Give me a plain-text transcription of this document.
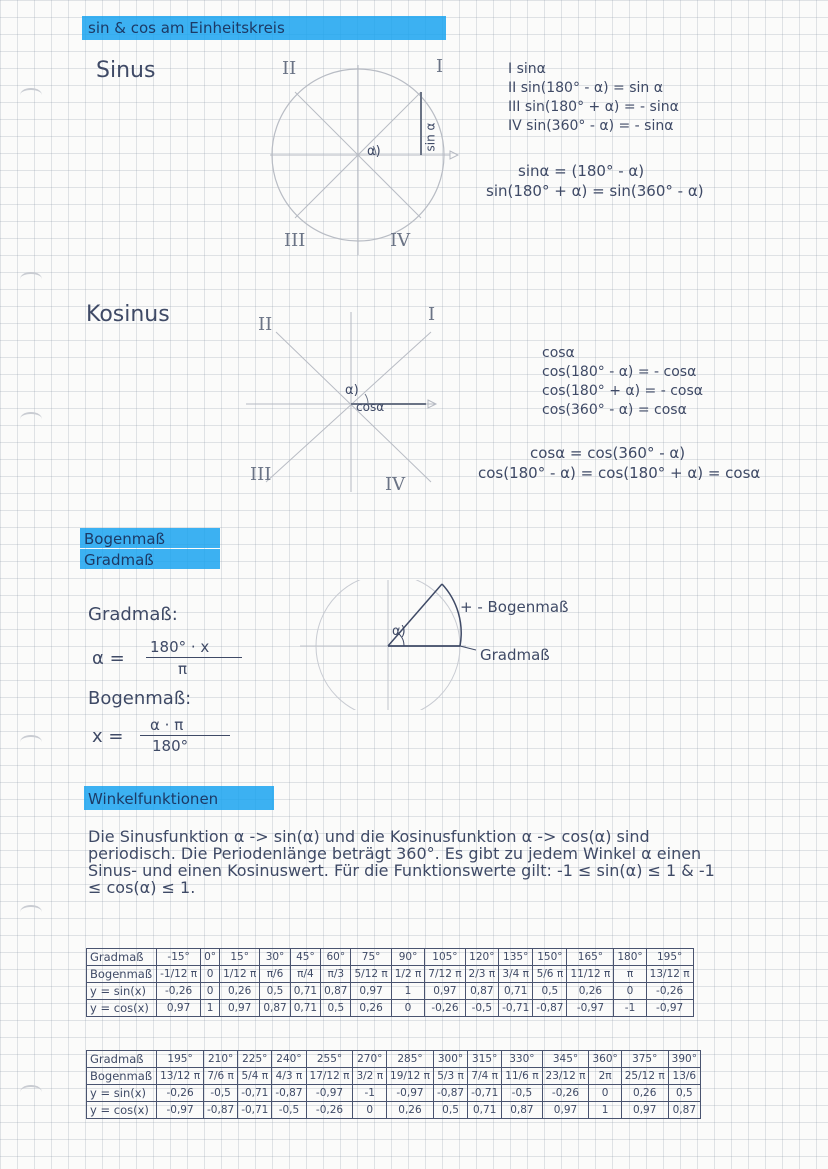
sin & cos am Einheitskreis
Sinus	I
II
III	IV
α)
sin α
I sinα
II sin(180° - α) = sin α
III sin(180° + α) = - sinα
IV sin(360° - α) = - sinα
sinα = (180° - α)
sin(180° + α) = sin(360° - α)
Kosinus	I
II
III	IV
α)
cosα
cosα
cos(180° - α) = - cosα
cos(180° + α) = - cosα
cos(360° - α) = cosα
cosα = cos(360° - α)
cos(180° - α) = cos(180° + α) = cosα
Bogenmaß
Gradmaß
Gradmaß:
α =
180° · x
π
Bogenmaß:
x =
α · π
180°
α)
+ - Bogenmaß
Gradmaß
Winkelfunktionen
Die Sinusfunktion α -> sin(α) und die Kosinusfunktion α -> cos(α) sind periodisch. Die Periodenlänge beträgt 360°. Es gibt zu jedem Winkel α einen Sinus- und einen Kosinuswert. Für die Funktionswerte gilt: -1 ≤ sin(α) ≤ 1 & -1 ≤ cos(α) ≤ 1.
Gradmaß	-15°	0°	15°	30°	45°	60°	75°	90°	105°	120°	135°	150°	165°	180°	195°
Bogenmaß	-1/12 π	0	1/12 π	π/6	π/4	π/3	5/12 π	1/2 π	7/12 π	2/3 π	3/4 π	5/6 π	11/12 π	π	13/12 π
y = sin(x)	-0,26	0	0,26	0,5	0,71	0,87	0,97	1	0,97	0,87	0,71	0,5	0,26	0	-0,26
y = cos(x)	0,97	1	0,97	0,87	0,71	0,5	0,26	0	-0,26	-0,5	-0,71	-0,87	-0,97	-1	-0,97
Gradmaß	195°	210°	225°	240°	255°	270°	285°	300°	315°	330°	345°	360°	375°	390°
Bogenmaß	13/12 π	7/6 π	5/4 π	4/3 π	17/12 π	3/2 π	19/12 π	5/3 π	7/4 π	11/6 π	23/12 π	2π	25/12 π	13/6
y = sin(x)	-0,26	-0,5	-0,71	-0,87	-0,97	-1	-0,97	-0,87	-0,71	-0,5	-0,26	0	0,26	0,5
y = cos(x)	-0,97	-0,87	-0,71	-0,5	-0,26	0	0,26	0,5	0,71	0,87	0,97	1	0,97	0,87
